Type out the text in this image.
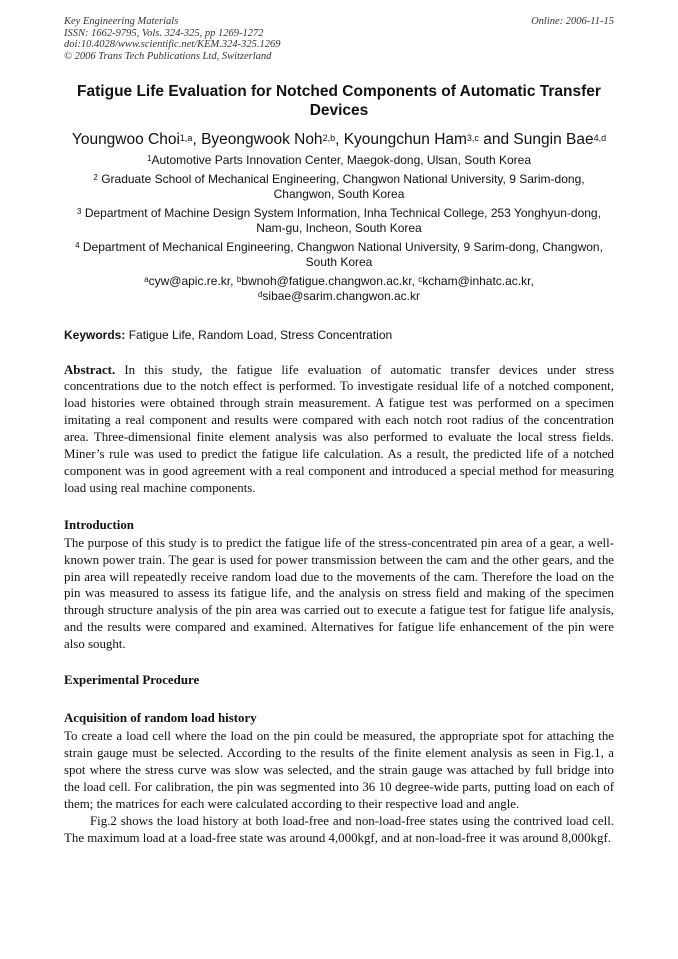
Key Engineering Materials
ISSN: 1662-9795, Vols. 324-325, pp 1269-1272
doi:10.4028/www.scientific.net/KEM.324-325.1269
© 2006 Trans Tech Publications Ltd, Switzerland
Online: 2006-11-15
Fatigue Life Evaluation for Notched Components of Automatic Transfer Devices
Youngwoo Choi$^{1,a}$, Byeongwook Noh$^{2,b}$, Kyoungchun Ham$^{3,c}$ and Sungin Bae$^{4,d}$
$^1$Automotive Parts Innovation Center, Maegok-dong, Ulsan, South Korea
$^2$ Graduate School of Mechanical Engineering, Changwon National University, 9 Sarim-dong, Changwon, South Korea
$^3$ Department of Machine Design System Information, Inha Technical College, 253 Yonghyun-dong, Nam-gu, Incheon, South Korea
$^4$ Department of Mechanical Engineering, Changwon National University, 9 Sarim-dong, Changwon, South Korea
$^a$cyw@apic.re.kr, $^b$bwnoh@fatigue.changwon.ac.kr, $^c$kcham@inhatc.ac.kr,
$^d$sibae@sarim.changwon.ac.kr
Keywords: Fatigue Life, Random Load, Stress Concentration
Abstract. In this study, the fatigue life evaluation of automatic transfer devices under stress concentrations due to the notch effect is performed. To investigate residual life of a notched component, load histories were obtained through strain measurement. A fatigue test was performed on a specimen imitating a real component and results were compared with each notch root radius of the concentration area. Three-dimensional finite element analysis was also performed to evaluate the local stress fields. Miner’s rule was used to predict the fatigue life calculation. As a result, the predicted life of a notched component was in good agreement with a real component and introduced a special method for measuring load using real machine components.
Introduction
The purpose of this study is to predict the fatigue life of the stress-concentrated pin area of a gear, a well-known power train. The gear is used for power transmission between the cam and the other gears, and the pin area will repeatedly receive random load due to the movements of the cam. Therefore the load on the pin was measured to assess its fatigue life, and the analysis on stress field and making of the specimen through structure analysis of the pin area was carried out to execute a fatigue test for fatigue life analysis, and the results were compared and examined. Alternatives for fatigue life enhancement of the pin were also sought.
Experimental Procedure
Acquisition of random load history
To create a load cell where the load on the pin could be measured, the appropriate spot for attaching the strain gauge must be selected. According to the results of the finite element analysis as seen in Fig.1, a spot where the stress curve was slow was selected, and the strain gauge was attached by full bridge into the load cell. For calibration, the pin was segmented into 36 10 degree-wide parts, putting load on each of them; the matrices for each were calculated according to their respective load and angle.
Fig.2 shows the load history at both load-free and non-load-free states using the contrived load cell. The maximum load at a load-free state was around 4,000kgf, and at non-load-free it was around 8,000kgf.
